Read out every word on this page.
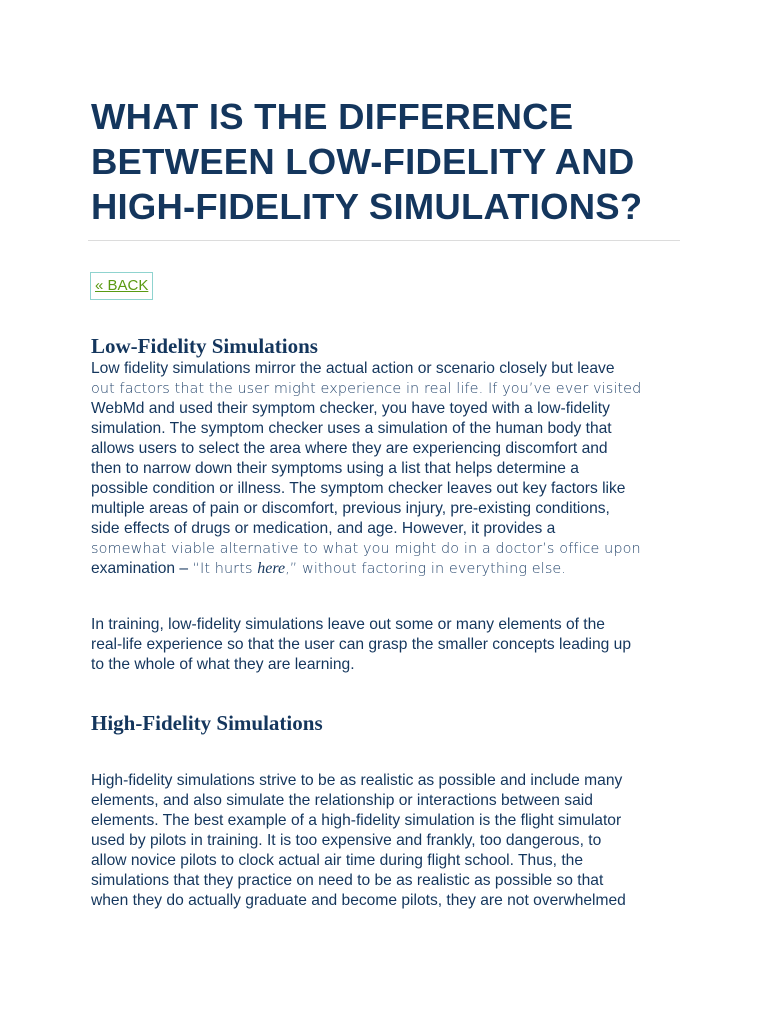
WHAT IS THE DIFFERENCE
BETWEEN LOW-FIDELITY AND
HIGH-FIDELITY SIMULATIONS?
« BACK
Low-Fidelity Simulations
Low fidelity simulations mirror the actual action or scenario closely but leave
out factors that the user might experience in real life. If you’ve ever visited
WebMd and used their symptom checker, you have toyed with a low-fidelity
simulation. The symptom checker uses a simulation of the human body that
allows users to select the area where they are experiencing discomfort and
then to narrow down their symptoms using a list that helps determine a
possible condition or illness. The symptom checker leaves out key factors like
multiple areas of pain or discomfort, previous injury, pre-existing conditions,
side effects of drugs or medication, and age. However, it provides a
somewhat viable alternative to what you might do in a doctor’s office upon
examination – “It hurts here,” without factoring in everything else.
In training, low-fidelity simulations leave out some or many elements of the
real-life experience so that the user can grasp the smaller concepts leading up
to the whole of what they are learning.
High-Fidelity Simulations
High-fidelity simulations strive to be as realistic as possible and include many
elements, and also simulate the relationship or interactions between said
elements. The best example of a high-fidelity simulation is the flight simulator
used by pilots in training. It is too expensive and frankly, too dangerous, to
allow novice pilots to clock actual air time during flight school. Thus, the
simulations that they practice on need to be as realistic as possible so that
when they do actually graduate and become pilots, they are not overwhelmed
